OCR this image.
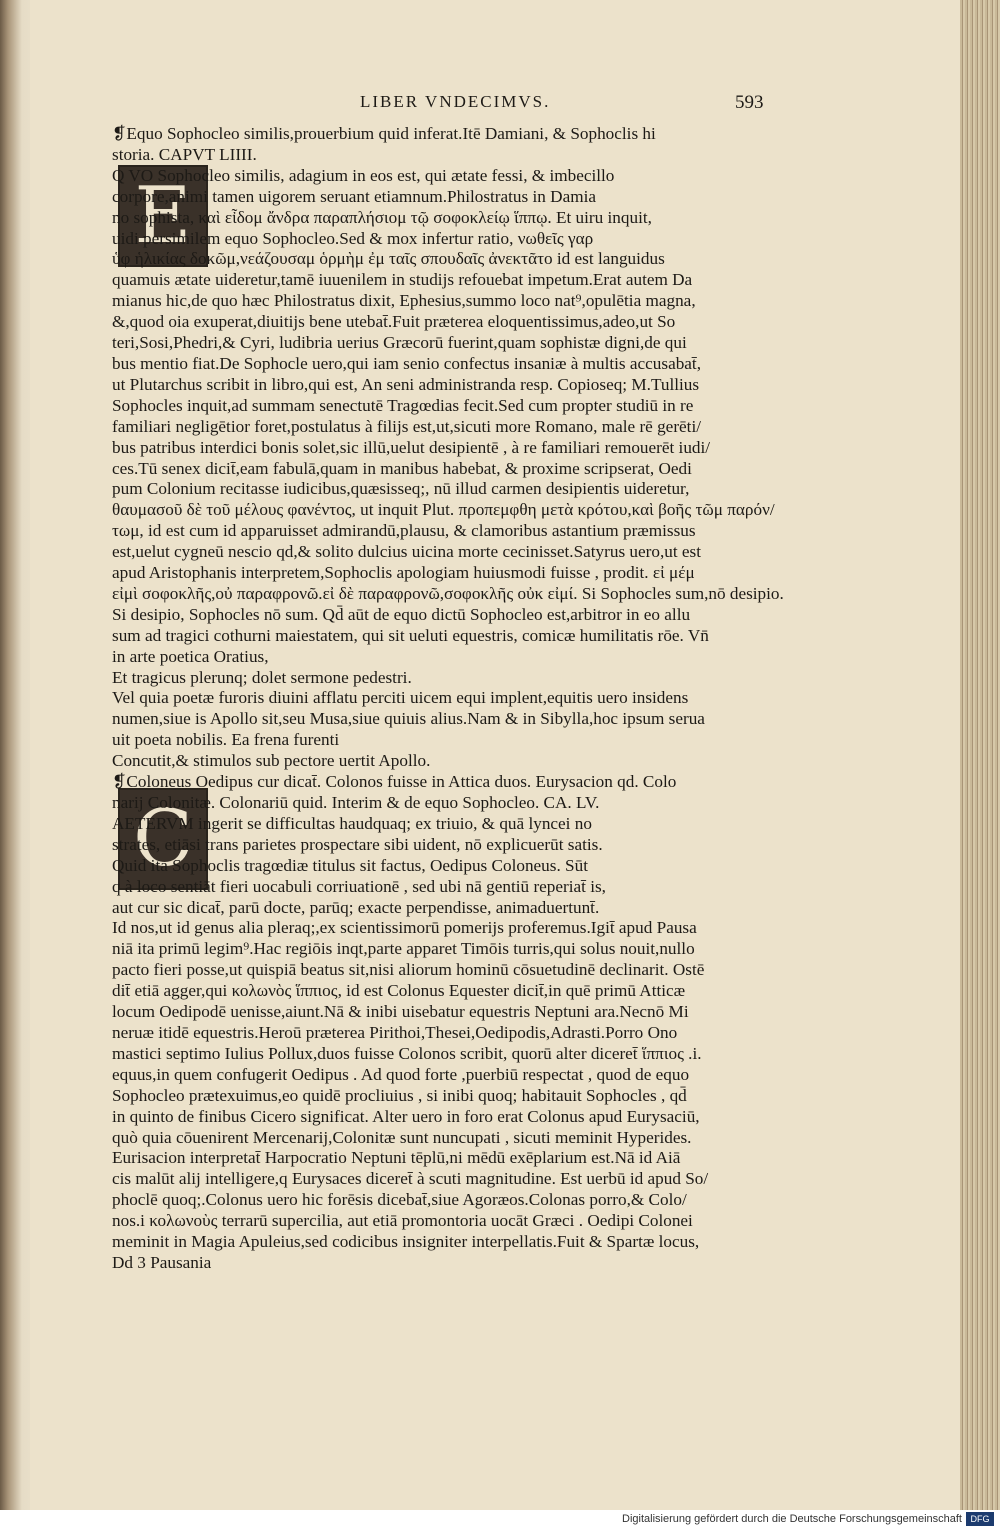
LIBER VNDECIMVS.	593
E
C
❡Equo Sophocleo similis,prouerbium quid inferat.Itē Damiani, & Sophoclis hi
storia. CAPVT LIIII.
Q VO Sophocleo similis, adagium in eos est, qui ætate fessi, & imbecillo
corpore,animi tamen uigorem seruant etiamnum.Philostratus in Damia
no sophista, καὶ εἶδομ ἄνδρα παραπλήσιομ τῷ σοφοκλείῳ ἵππῳ. Et uiru inquit,
uidi persimilem equo Sophocleo.Sed & mox infertur ratio, νωθεῖς γαρ
ὑφ ἡλικίας δοκῶμ,νεάζουσαμ ὁρμὴμ ἐμ ταῖς σπουδαῖς ἀνεκτᾶτο id est languidus
quamuis ætate uideretur,tamē iuuenilem in studijs refouebat impetum.Erat autem Da
mianus hic,de quo hæc Philostratus dixit, Ephesius,summo loco nat⁹,opulētia magna,
&,quod oia exuperat,diuitijs bene utebat̄.Fuit præterea eloquentissimus,adeo,ut So
teri,Sosi,Phedri,& Cyri, ludibria uerius Græcorū fuerint,quam sophistæ digni,de qui
bus mentio fiat.De Sophocle uero,qui iam senio confectus insaniæ à multis accusabat̄,
ut Plutarchus scribit in libro,qui est, An seni administranda resp. Copioseq; M.Tullius
Sophocles inquit,ad summam senectutē Tragœdias fecit.Sed cum propter studiū in re
familiari negligētior foret,postulatus à filijs est,ut,sicuti more Romano, male rē gerēti/
bus patribus interdici bonis solet,sic illū,uelut desipientē , à re familiari remouerēt iudi/
ces.Tū senex dicit̄,eam fabulā,quam in manibus habebat, & proxime scripserat, Oedi
pum Colonium recitasse iudicibus,quæsisseq;, nū illud carmen desipientis uideretur,
θαυμασοῦ δὲ τοῦ μέλους φανέντος, ut inquit Plut. προπεμφθη μετὰ κρότου,καὶ βοῆς τῶμ παρόν/
τωμ, id est cum id apparuisset admirandū,plausu, & clamoribus astantium præmissus
est,uelut cygneū nescio qd,& solito dulcius uicina morte cecinisset.Satyrus uero,ut est
apud Aristophanis interpretem,Sophoclis apologiam huiusmodi fuisse , prodit. εἰ μέμ
εἰμὶ σοφοκλῆς,οὐ παραφρονῶ.εἰ δὲ παραφρονῶ,σοφοκλῆς οὐκ εἰμί. Si Sophocles sum,nō desipio.
Si desipio, Sophocles nō sum. Qd̄ aūt de equo dictū Sophocleo est,arbitror in eo allu
sum ad tragici cothurni maiestatem, qui sit ueluti equestris, comicæ humilitatis rōe. Vn̄
in arte poetica Oratius,
Et tragicus plerunq; dolet sermone pedestri.
Vel quia poetæ furoris diuini afflatu perciti uicem equi implent,equitis uero insidens
numen,siue is Apollo sit,seu Musa,siue quiuis alius.Nam & in Sibylla,hoc ipsum serua
uit poeta nobilis. Ea frena furenti
Concutit,& stimulos sub pectore uertit Apollo.
❡Coloneus Oedipus cur dicat̄. Colonos fuisse in Attica duos. Eurysacion qd. Colo
narij Colonitæ. Colonariū quid. Interim & de equo Sophocleo. CA. LV.
AETERVM ingerit se difficultas haudquaq; ex triuio, & quā lyncei no
strates, etiāsi trans parietes prospectare sibi uident, nō explicuerūt satis.
Quid ita Sophoclis tragœdiæ titulus sit factus, Oedipus Coloneus. Sūt
q à loco sentiāt fieri uocabuli corriuationē , sed ubi nā gentiū reperiat̄ is,
aut cur sic dicat̄, parū docte, parūq; exacte perpendisse, animaduertunt̄.
Id nos,ut id genus alia pleraq;,ex scientissimorū pomerijs proferemus.Igit̄ apud Pausa
niā ita primū legim⁹.Hac regiōis inqt,parte apparet Timōis turris,qui solus nouit,nullo
pacto fieri posse,ut quispiā beatus sit,nisi aliorum hominū cōsuetudinē declinarit. Ostē
dit̄ etiā agger,qui κολωνὸς ἵππιος, id est Colonus Equester dicit̄,in quē primū Atticæ
locum Oedipodē uenisse,aiunt.Nā & inibi uisebatur equestris Neptuni ara.Necnō Mi
neruæ itidē equestris.Heroū præterea Pirithoi,Thesei,Oedipodis,Adrasti.Porro Ono
mastici septimo Iulius Pollux,duos fuisse Colonos scribit, quorū alter diceret̄ ἵππιος .i.
equus,in quem confugerit Oedipus . Ad quod forte ,puerbiū respectat , quod de equo
Sophocleo prætexuimus,eo quidē procliuius , si inibi quoq; habitauit Sophocles , qd̄
in quinto de finibus Cicero significat. Alter uero in foro erat Colonus apud Eurysaciū,
quò quia cōuenirent Mercenarij,Colonitæ sunt nuncupati , sicuti meminit Hyperides.
Eurisacion interpretat̄ Harpocratio Neptuni tēplū,ni mēdū exēplarium est.Nā id Aiā
cis malūt alij intelligere,q Eurysaces diceret̄ à scuti magnitudine. Est uerbū id apud So/
phoclē quoq;.Colonus uero hic forēsis dicebat̄,siue Agoræos.Colonas porro,& Colo/
nos.i κολωνοὺς terrarū supercilia, aut etiā promontoria uocāt Græci . Oedipi Colonei
meminit in Magia Apuleius,sed codicibus insigniter interpellatis.Fuit & Spartæ locus,
Dd 3 Pausania
Digitalisierung gefördert durch die Deutsche Forschungsgemeinschaft DFG
